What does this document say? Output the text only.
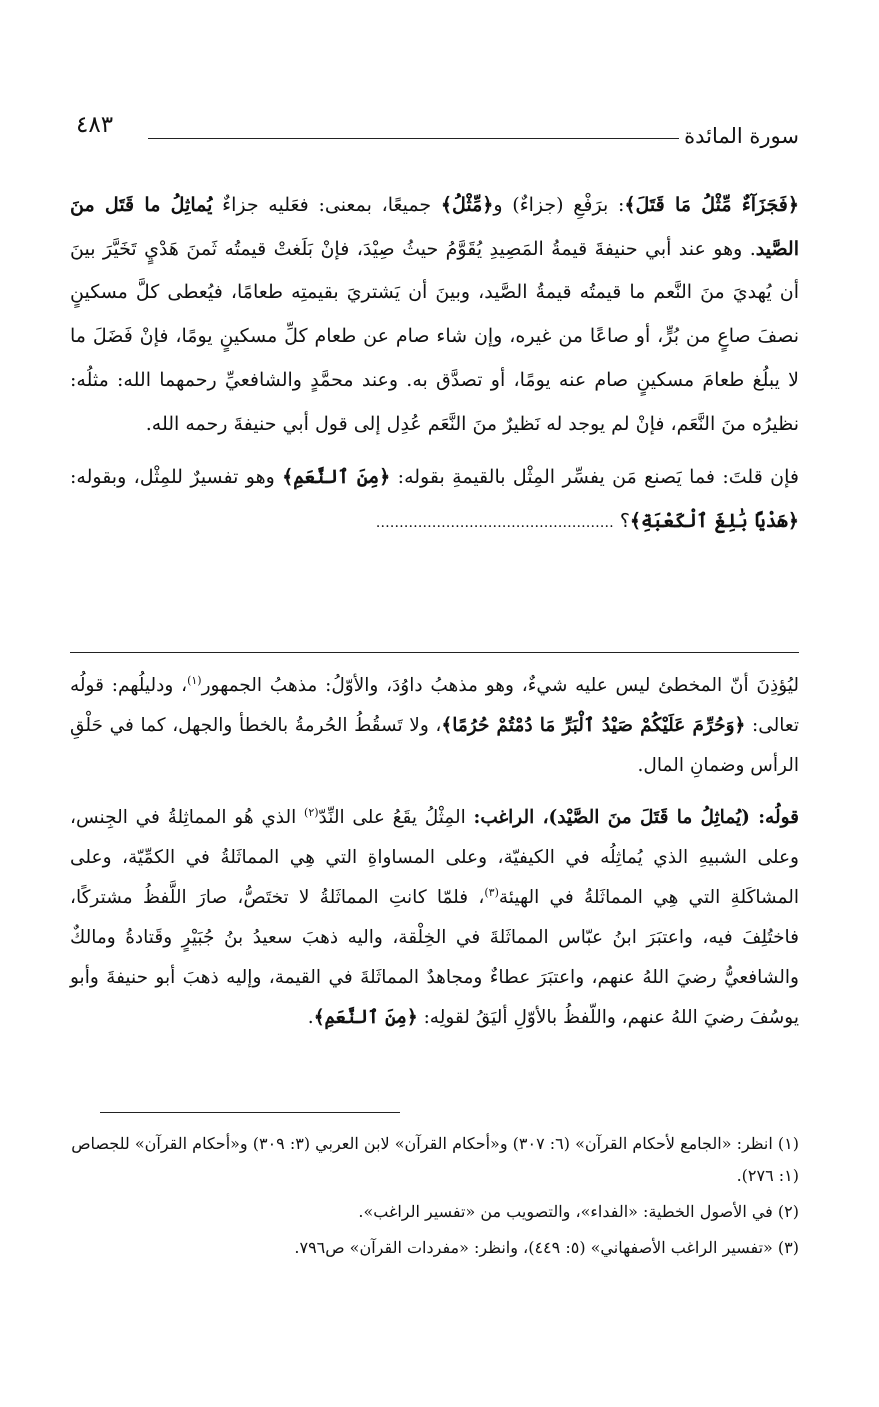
سورة المائدة
٤٨٣

﴿فَجَزَآءٌ مِّثْلُ مَا قَتَلَ﴾: برَفْعِ (جزاءٌ) و﴿مِّثْلُ﴾ جميعًا، بمعنى: فعَليه جزاءٌ يُماثِلُ ما قَتَل منَ الصَّيد. وهو عند أبي حنيفةَ قيمةُ المَصِيدِ يُقَوَّمُ حيثُ صِيْدَ، فإنْ بَلَغتْ قيمتُه ثَمنَ هَدْيٍ تَخَيَّرَ بينَ أن يُهديَ منَ النَّعم ما قيمتُه قيمةُ الصَّيد، وبينَ أن يَشتريَ بقيمتِه طعامًا، فيُعطى كلَّ مسكينٍ نصفَ صاعٍ من بُرٍّ، أو صاعًا من غيره، وإن شاء صام عن طعام كلِّ مسكينٍ يومًا، فإنْ فَضَلَ ما لا يبلُغ طعامَ مسكينٍ صام عنه يومًا، أو تصدَّق به. وعند محمَّدٍ والشافعيِّ رحمهما الله: مثلُه: نظيرُه منَ النَّعَم، فإنْ لم يوجد له نَظيرٌ منَ النَّعَم عُدِل إلى قول أبي حنيفةَ رحمه الله.

فإن قلتَ: فما يَصنع مَن يفسِّر المِثْل بالقيمةِ بقوله: ﴿مِنَ ٱلنَّعَمِ﴾ وهو تفسيرٌ للمِثْل، وبقوله: ﴿هَدْيًا بَٰلِغَ ٱلْكَعْبَةِ﴾؟ ……………………………………………

ليُؤذِنَ أنّ المخطئ ليس عليه شيءٌ، وهو مذهبُ داوُدَ، والأوّلُ: مذهبُ الجمهور$^{(١)}$، ودليلُهم: قولُه تعالى: ﴿وَحُرِّمَ عَلَيْكُمْ صَيْدُ ٱلْبَرِّ مَا دُمْتُمْ حُرُمًا﴾، ولا تَسقُطُ الحُرمةُ بالخطأ والجهل، كما في حَلْقِ الرأس وضمانِ المال.

قولُه: (يُماثِلُ ما قَتَلَ منَ الصَّيْد)، الراغب: المِثْلُ يقَعُ على النِّدّ$^{(٢)}$ الذي هُو المماثِلةُ في الجِنس، وعلى الشبيهِ الذي يُماثِلُه في الكيفيّة، وعلى المساواةِ التي هِي المماثَلةُ في الكمِّيّة، وعلى المشاكَلةِ التي هِي المماثَلةُ في الهيئة$^{(٣)}$، فلمّا كانتِ المماثَلةُ لا تختَصُّ، صارَ اللَّفظُ مشتركًا، فاختُلِفَ فيه، واعتبَرَ ابنُ عبّاس المماثَلةَ في الخِلْقة، واليه ذهبَ سعيدُ بنُ جُبَيْرٍ وقَتادةُ ومالكٌ والشافعيُّ رضيَ اللهُ عنهم، واعتبَرَ عطاءٌ ومجاهدٌ المماثَلةَ في القيمة، وإليه ذهبَ أبو حنيفةَ وأبو يوسُفَ رضيَ اللهُ عنهم، واللّفظُ بالأوّلِ أليَقُ لقولِه: ﴿مِنَ ٱلنَّعَمِ﴾.

(١) انظر: «الجامع لأحكام القرآن» (٦: ٣٠٧) و«أحكام القرآن» لابن العربي (٣: ٣٠٩) و«أحكام القرآن» للجصاص (١: ٢٧٦).

(٢) في الأصول الخطية: «الفداء»، والتصويب من «تفسير الراغب».

(٣) «تفسير الراغب الأصفهاني» (٥: ٤٤٩)، وانظر: «مفردات القرآن» ص٧٩٦.
